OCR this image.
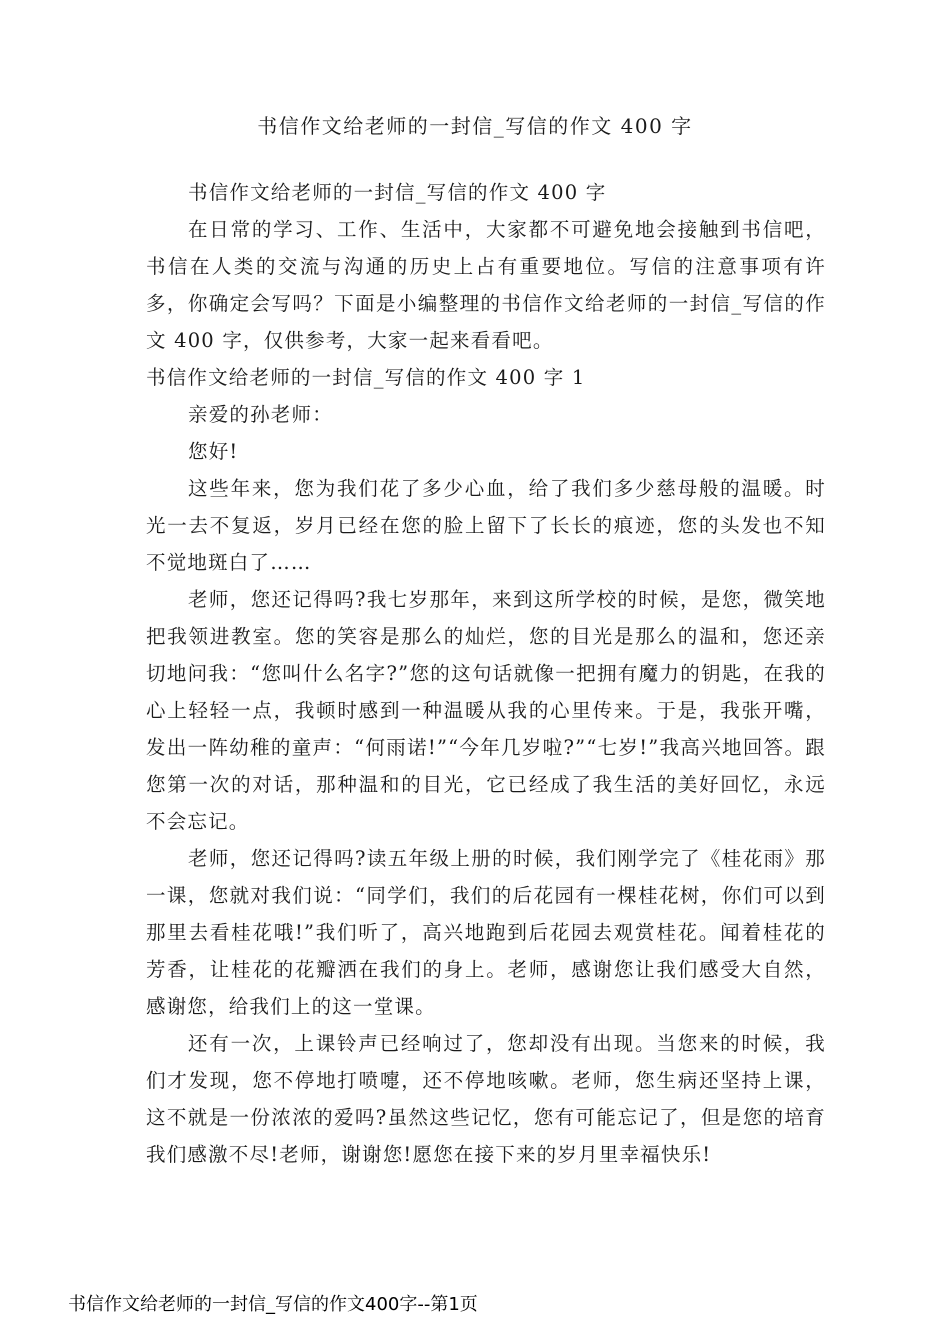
书信作文给老师的一封信_写信的作文 400 字

书信作文给老师的一封信_写信的作文 400 字

在日常的学习、工作、生活中，大家都不可避免地会接触到书信吧，书信在人类的交流与沟通的历史上占有重要地位。写信的注意事项有许多，你确定会写吗？下面是小编整理的书信作文给老师的一封信_写信的作文 400 字，仅供参考，大家一起来看看吧。

书信作文给老师的一封信_写信的作文 400 字 1

亲爱的孙老师：

您好!

这些年来，您为我们花了多少心血，给了我们多少慈母般的温暖。时光一去不复返，岁月已经在您的脸上留下了长长的痕迹，您的头发也不知不觉地斑白了……

老师，您还记得吗?我七岁那年，来到这所学校的时候，是您，微笑地把我领进教室。您的笑容是那么的灿烂，您的目光是那么的温和，您还亲切地问我：“您叫什么名字?”您的这句话就像一把拥有魔力的钥匙，在我的心上轻轻一点，我顿时感到一种温暖从我的心里传来。于是，我张开嘴，发出一阵幼稚的童声：“何雨诺!”“今年几岁啦?”“七岁!”我高兴地回答。跟您第一次的对话，那种温和的目光，它已经成了我生活的美好回忆，永远不会忘记。

老师，您还记得吗?读五年级上册的时候，我们刚学完了《桂花雨》那一课，您就对我们说：“同学们，我们的后花园有一棵桂花树，你们可以到那里去看桂花哦!”我们听了，高兴地跑到后花园去观赏桂花。闻着桂花的芳香，让桂花的花瓣洒在我们的身上。老师，感谢您让我们感受大自然，感谢您，给我们上的这一堂课。

还有一次，上课铃声已经响过了，您却没有出现。当您来的时候，我们才发现，您不停地打喷嚏，还不停地咳嗽。老师，您生病还坚持上课，这不就是一份浓浓的爱吗?虽然这些记忆，您有可能忘记了，但是您的培育我们感激不尽!老师，谢谢您!愿您在接下来的岁月里幸福快乐!

书信作文给老师的一封信_写信的作文400字--第1页
